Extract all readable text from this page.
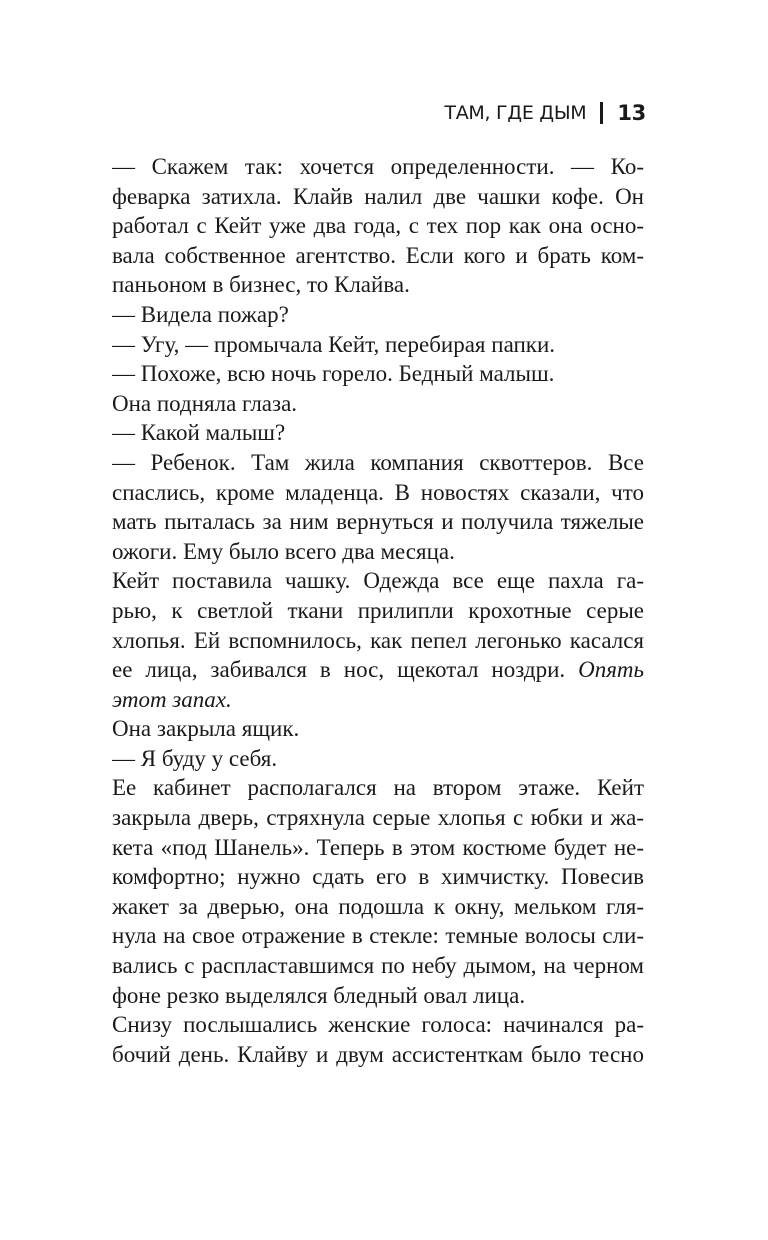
ТАМ, ГДЕ ДЫМ 13
— Скажем так: хочется определенности. — Ко-
феварка затихла. Клайв налил две чашки кофе. Он
работал с Кейт уже два года, с тех пор как она осно-
вала собственное агентство. Если кого и брать ком-
паньоном в бизнес, то Клайва.
— Видела пожар?
— Угу, — промычала Кейт, перебирая папки.
— Похоже, всю ночь горело. Бедный малыш.
Она подняла глаза.
— Какой малыш?
— Ребенок. Там жила компания сквоттеров. Все
спаслись, кроме младенца. В новостях сказали, что
мать пыталась за ним вернуться и получила тяжелые
ожоги. Ему было всего два месяца.
Кейт поставила чашку. Одежда все еще пахла га-
рью, к светлой ткани прилипли крохотные серые
хлопья. Ей вспомнилось, как пепел легонько касался
ее лица, забивался в нос, щекотал ноздри. Опять
этот запах.
Она закрыла ящик.
— Я буду у себя.
Ее кабинет располагался на втором этаже. Кейт
закрыла дверь, стряхнула серые хлопья с юбки и жа-
кета «под Шанель». Теперь в этом костюме будет не-
комфортно; нужно сдать его в химчистку. Повесив
жакет за дверью, она подошла к окну, мельком гля-
нула на свое отражение в стекле: темные волосы сли-
вались с распластавшимся по небу дымом, на черном
фоне резко выделялся бледный овал лица.
Снизу послышались женские голоса: начинался ра-
бочий день. Клайву и двум ассистенткам было тесно
